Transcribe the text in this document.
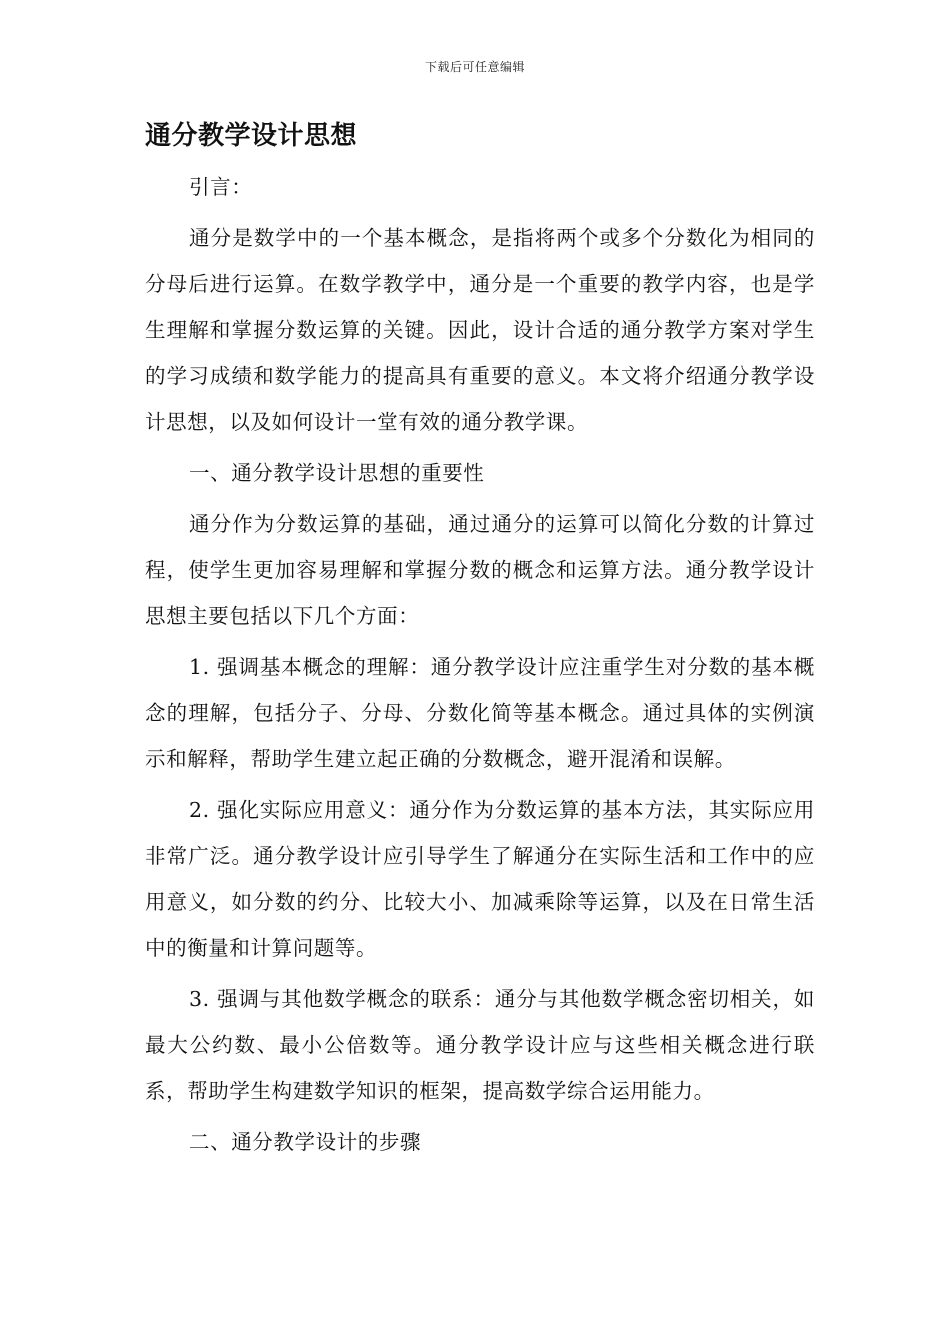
下载后可任意编辑
通分教学设计思想

引言：

通分是数学中的一个基本概念，是指将两个或多个分数化为相同的分母后进行运算。在数学教学中，通分是一个重要的教学内容，也是学生理解和掌握分数运算的关键。因此，设计合适的通分教学方案对学生的学习成绩和数学能力的提高具有重要的意义。本文将介绍通分教学设计思想，以及如何设计一堂有效的通分教学课。

一、通分教学设计思想的重要性

通分作为分数运算的基础，通过通分的运算可以简化分数的计算过程，使学生更加容易理解和掌握分数的概念和运算方法。通分教学设计思想主要包括以下几个方面：

1. 强调基本概念的理解：通分教学设计应注重学生对分数的基本概念的理解，包括分子、分母、分数化简等基本概念。通过具体的实例演示和解释，帮助学生建立起正确的分数概念，避开混淆和误解。

2. 强化实际应用意义：通分作为分数运算的基本方法，其实际应用非常广泛。通分教学设计应引导学生了解通分在实际生活和工作中的应用意义，如分数的约分、比较大小、加减乘除等运算，以及在日常生活中的衡量和计算问题等。

3. 强调与其他数学概念的联系：通分与其他数学概念密切相关，如最大公约数、最小公倍数等。通分教学设计应与这些相关概念进行联系，帮助学生构建数学知识的框架，提高数学综合运用能力。

二、通分教学设计的步骤
